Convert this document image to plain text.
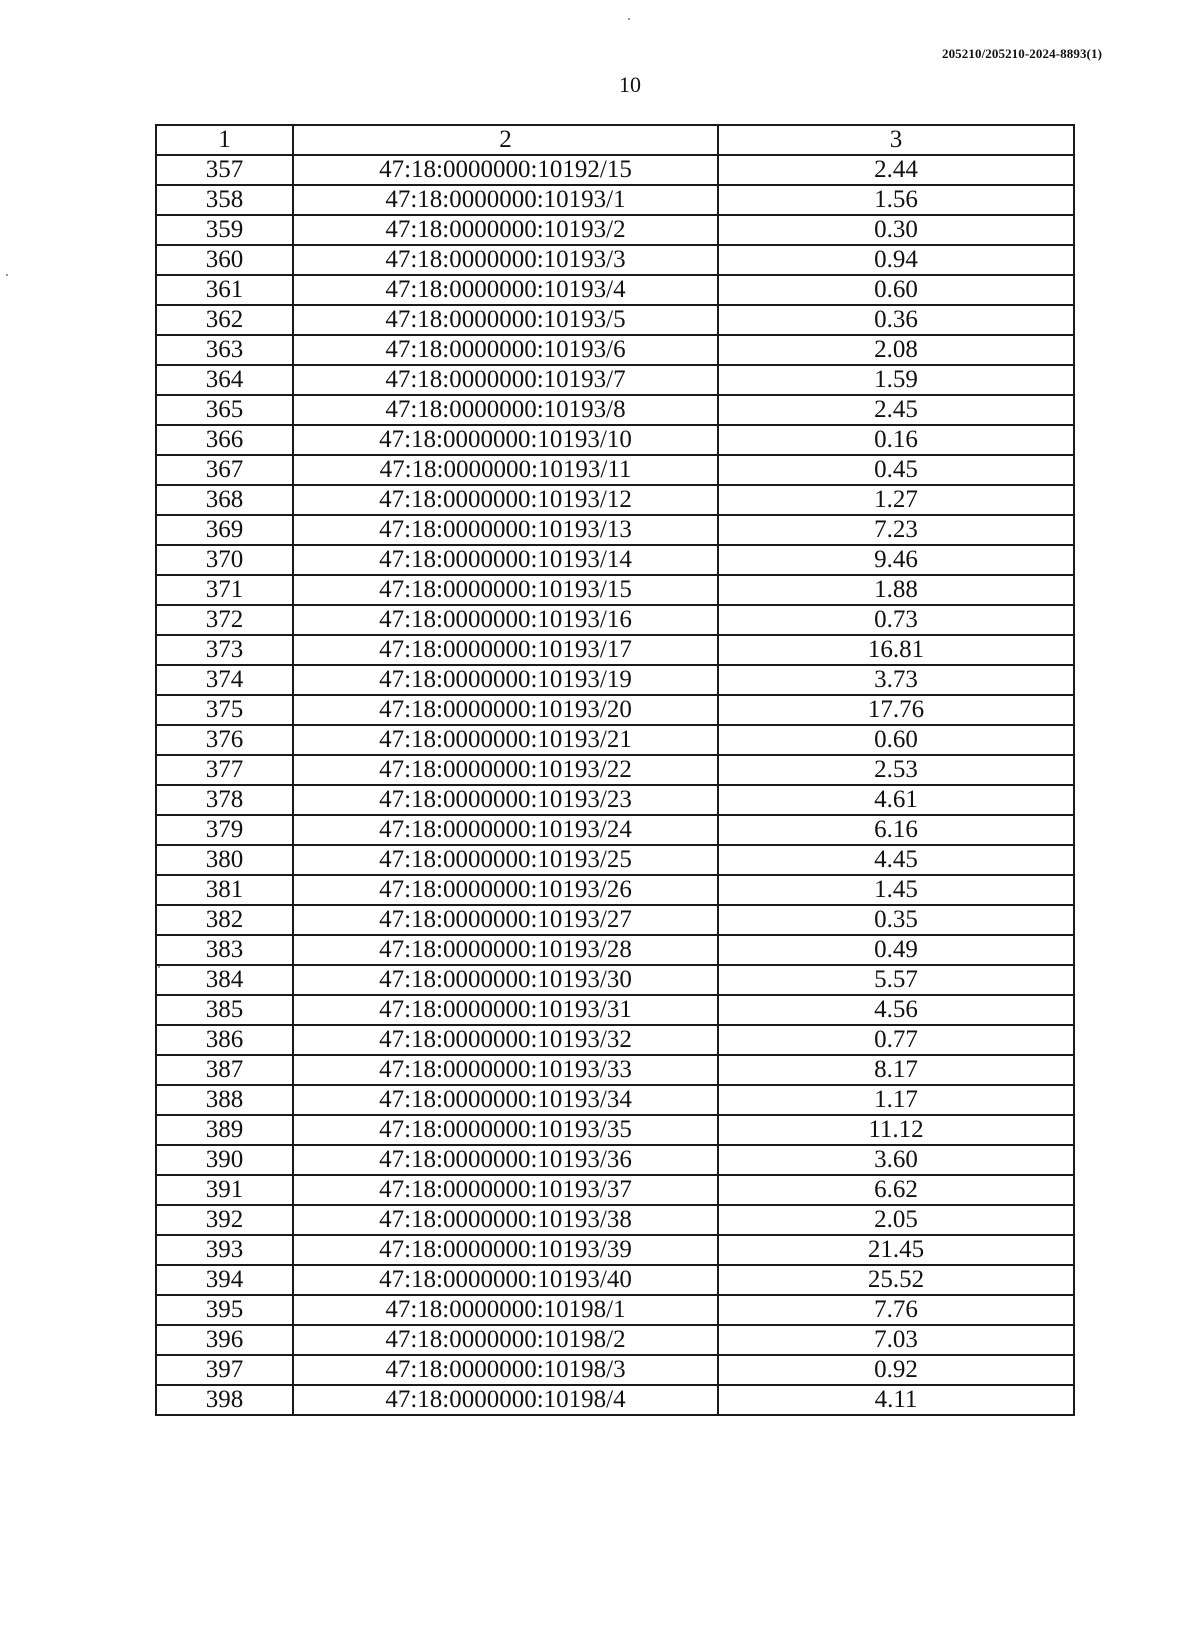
205210/205210-2024-8893(1)
10
1	2	3
357	47:18:0000000:10192/15	2.44
358	47:18:0000000:10193/1	1.56
359	47:18:0000000:10193/2	0.30
360	47:18:0000000:10193/3	0.94
361	47:18:0000000:10193/4	0.60
362	47:18:0000000:10193/5	0.36
363	47:18:0000000:10193/6	2.08
364	47:18:0000000:10193/7	1.59
365	47:18:0000000:10193/8	2.45
366	47:18:0000000:10193/10	0.16
367	47:18:0000000:10193/11	0.45
368	47:18:0000000:10193/12	1.27
369	47:18:0000000:10193/13	7.23
370	47:18:0000000:10193/14	9.46
371	47:18:0000000:10193/15	1.88
372	47:18:0000000:10193/16	0.73
373	47:18:0000000:10193/17	16.81
374	47:18:0000000:10193/19	3.73
375	47:18:0000000:10193/20	17.76
376	47:18:0000000:10193/21	0.60
377	47:18:0000000:10193/22	2.53
378	47:18:0000000:10193/23	4.61
379	47:18:0000000:10193/24	6.16
380	47:18:0000000:10193/25	4.45
381	47:18:0000000:10193/26	1.45
382	47:18:0000000:10193/27	0.35
383	47:18:0000000:10193/28	0.49
384	47:18:0000000:10193/30	5.57
385	47:18:0000000:10193/31	4.56
386	47:18:0000000:10193/32	0.77
387	47:18:0000000:10193/33	8.17
388	47:18:0000000:10193/34	1.17
389	47:18:0000000:10193/35	11.12
390	47:18:0000000:10193/36	3.60
391	47:18:0000000:10193/37	6.62
392	47:18:0000000:10193/38	2.05
393	47:18:0000000:10193/39	21.45
394	47:18:0000000:10193/40	25.52
395	47:18:0000000:10198/1	7.76
396	47:18:0000000:10198/2	7.03
397	47:18:0000000:10198/3	0.92
398	47:18:0000000:10198/4	4.11
